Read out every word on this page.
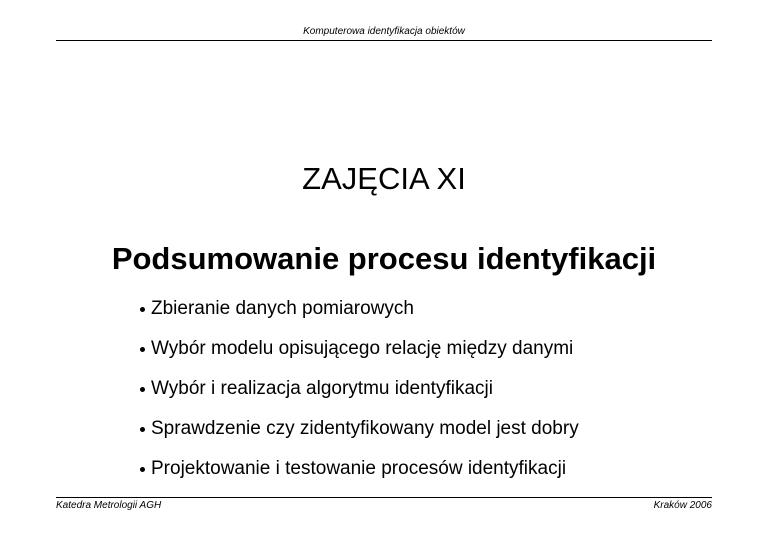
Komputerowa identyfikacja obiektów
ZAJĘCIA XI
Podsumowanie procesu identyfikacji
Zbieranie danych pomiarowych
Wybór modelu opisującego relację między danymi
Wybór i realizacja algorytmu identyfikacji
Sprawdzenie czy zidentyfikowany model jest dobry
Projektowanie i testowanie procesów identyfikacji
Katedra Metrologii AGH	Kraków 2006
